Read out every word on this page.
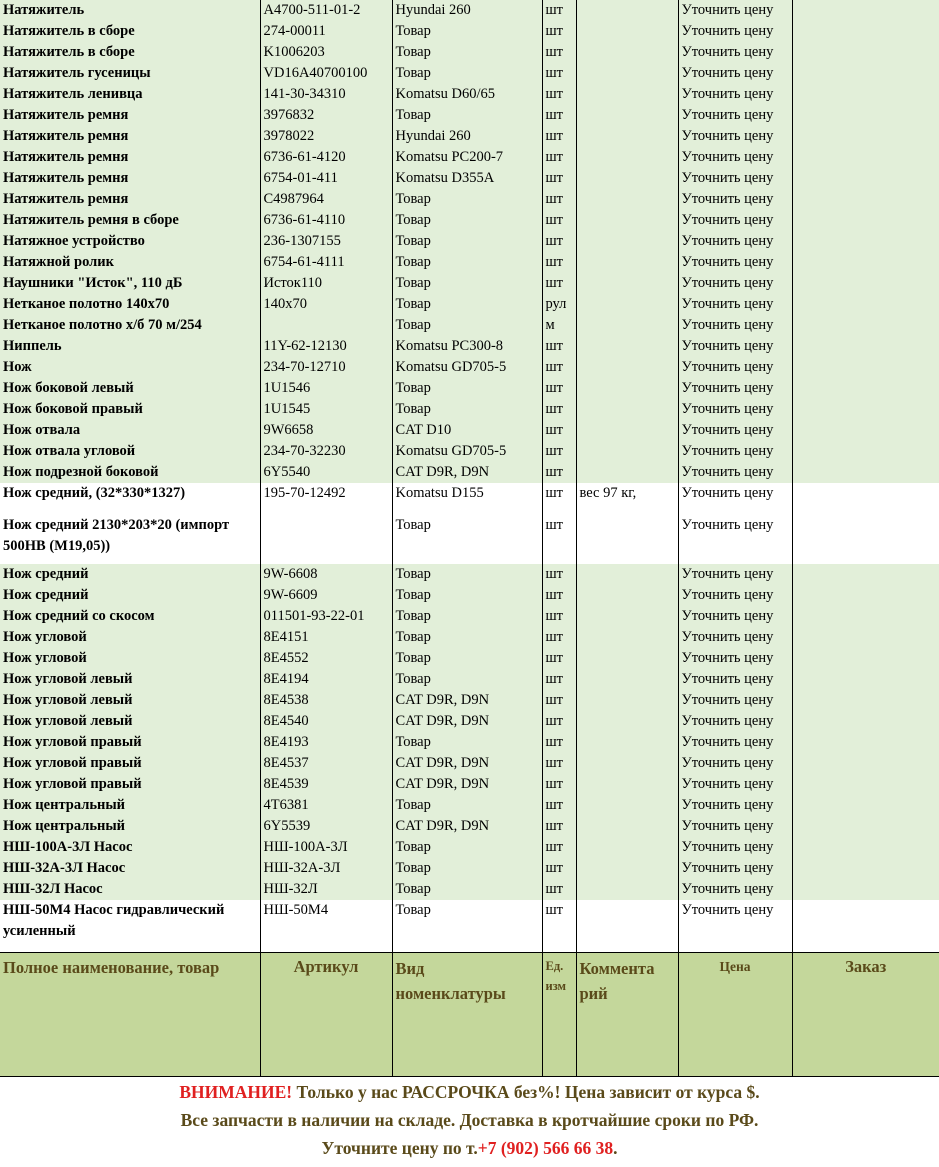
Натяжитель	A4700-511-01-2	Hyundai 260	шт		Уточнить цену	
Натяжитель в сборе	274-00011	Товар	шт		Уточнить цену	
Натяжитель в сборе	K1006203	Товар	шт		Уточнить цену	
Натяжитель гусеницы	VD16A40700100	Товар	шт		Уточнить цену	
Натяжитель ленивца	141-30-34310	Komatsu D60/65	шт		Уточнить цену	
Натяжитель ремня	3976832	Товар	шт		Уточнить цену	
Натяжитель ремня	3978022	Hyundai 260	шт		Уточнить цену	
Натяжитель ремня	6736-61-4120	Komatsu PC200-7	шт		Уточнить цену	
Натяжитель ремня	6754-01-411	Komatsu D355A	шт		Уточнить цену	
Натяжитель ремня	C4987964	Товар	шт		Уточнить цену	
Натяжитель ремня в сборе	6736-61-4110	Товар	шт		Уточнить цену	
Натяжное устройство	236-1307155	Товар	шт		Уточнить цену	
Натяжной ролик	6754-61-4111	Товар	шт		Уточнить цену	
Наушники "Исток", 110 дБ	Исток110	Товар	шт		Уточнить цену	
Нетканое полотно 140х70	140х70	Товар	рул		Уточнить цену	
Нетканое полотно х/б 70 м/254		Товар	м		Уточнить цену	
Ниппель	11Y-62-12130	Komatsu PC300-8	шт		Уточнить цену	
Нож	234-70-12710	Komatsu GD705-5	шт		Уточнить цену	
Нож боковой левый	1U1546	Товар	шт		Уточнить цену	
Нож боковой правый	1U1545	Товар	шт		Уточнить цену	
Нож отвала	9W6658	CAT D10	шт		Уточнить цену	
Нож отвала угловой	234-70-32230	Komatsu GD705-5	шт		Уточнить цену	
Нож подрезной боковой	6Y5540	CAT D9R, D9N	шт		Уточнить цену	
Нож средний, (32*330*1327)	195-70-12492	Komatsu D155	шт	вес 97 кг,	Уточнить цену	
Нож средний 2130*203*20 (импорт 500НВ (М19,05))		Товар	шт		Уточнить цену	
Нож средний	9W-6608	Товар	шт		Уточнить цену	
Нож средний	9W-6609	Товар	шт		Уточнить цену	
Нож средний со скосом	011501-93-22-01	Товар	шт		Уточнить цену	
Нож угловой	8E4151	Товар	шт		Уточнить цену	
Нож угловой	8E4552	Товар	шт		Уточнить цену	
Нож угловой левый	8E4194	Товар	шт		Уточнить цену	
Нож угловой левый	8E4538	CAT D9R, D9N	шт		Уточнить цену	
Нож угловой левый	8E4540	CAT D9R, D9N	шт		Уточнить цену	
Нож угловой правый	8E4193	Товар	шт		Уточнить цену	
Нож угловой правый	8E4537	CAT D9R, D9N	шт		Уточнить цену	
Нож угловой правый	8E4539	CAT D9R, D9N	шт		Уточнить цену	
Нож центральный	4T6381	Товар	шт		Уточнить цену	
Нож центральный	6Y5539	CAT D9R, D9N	шт		Уточнить цену	
НШ-100А-3Л Насос	НШ-100А-3Л	Товар	шт		Уточнить цену	
НШ-32А-3Л Насос	НШ-32А-3Л	Товар	шт		Уточнить цену	
НШ-32Л Насос	НШ-32Л	Товар	шт		Уточнить цену	
НШ-50М4 Насос гидравлический усиленный	НШ-50М4	Товар	шт		Уточнить цену	
Полное наименование, товар	Артикул	Вид номенклатуры	Ед. изм	Коммента рий	Цена	Заказ
ВНИМАНИЕ! Только у нас РАССРОЧКА без%! Цена зависит от курса $.
Все запчасти в наличии на складе. Доставка в кротчайшие сроки по РФ.
Уточните цену по т.+7 (902) 566 66 38.
